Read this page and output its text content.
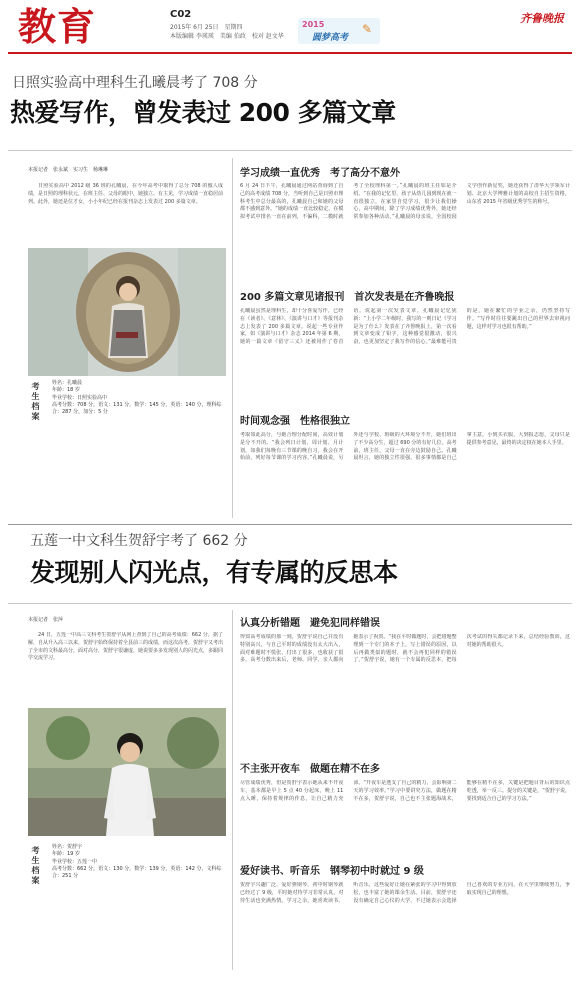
教育	C02
2015年 6月 25日　星期四
本版编辑 李瑛瑛　美编 伯政　校对 赵文华
2015
圆梦高考
✎
齐鲁晚报
日照实验高中理科生孔曦晨考了 708 分
热爱写作，曾发表过 200 多篇文章
本报记者　张永斌　实习生　杨琳琳
日照实验高中 2012 级 36 班的孔曦晨，在今年高考中取得了总分 708 的傲人成绩，是日照的理科状元，在班主任、父母的眼中，她独立、有主见，学习成绩一直稳居前列。此外，她还是位才女，小小年纪已经在报刊杂志上发表过 200 多篇文章。
考生档案 姓名：孔曦晨
年龄：18 岁
毕业学校：日照实验高中
高考分数：708 分，语文：131 分，数学：145 分，英语：140 分，理科综合：287 分，加分：5 分
学习成绩一直优秀　考了高分不意外
6 月 24 日下午，孔曦晨通过网站查询到了自己的高考成绩 708 分，当听到自己是日照市理科考生中总分最高的，孔曦晨自己和她的父母都不感到意外。“她的成绩一直比较稳定，在模拟考试中排名一直在前列，不偏科，二模时就考了全校理科第一。”孔曦晨的班主任如是介绍。“在我的记忆里，孩子从幼儿园到现在就一直很独立，在家里自觉学习，很少让我们操心，高中期间，除了学习成绩优秀外，她还经常参加各种活动。”孔曦晨的母亲说。全国校园文学创作新星奖，她还获得了清华大学领军计划、北京大学博雅计划的高校自主招生资格，山东省 2015 年省级优秀学生的称号。
200 多篇文章见诸报刊　首次发表是在齐鲁晚报
孔曦晨虽然是理科生，却十分喜爱写作，已经在《读者》、《意林》、《演讲与口才》等报刊杂志上发表了 200 多篇文章。说起一些专业作家，如《演讲与口才》杂志 2014 年第 6 期，她的一篇文章《留守三义》还被用作了卷首语。说起第一次发表文章，孔曦晨记忆犹新：“上小学二年级时，我写的一则日记《学习是为了什么》发表在了齐鲁晚报上，第一次看到文章变成了铅字，这种感觉很激动，很兴奋，也更加坚定了我写作的信心。”最难能可贵的是，她在繁忙的学业之余，仍然坚持写作。“写作时往往要跳出自己的世界去审视问题，这样对学习也很有帮助。”
时间观念强　性格很独立
考取如此高分，与她合理分配时间，高效计划是分不开的。“我会列日计划、周计划、月计划，如我们每晚有三节课的晚自习，我会在开始前，列好每节课的学习内容。”孔曦晨说，另外还与学校、班级的大环境分不开，她们班出了不少高分生，超过 690 分的有好几位。高考前，班主任、父母一直在旁边鼓励自己。孔曦晨坦言，她的独立性很强，很多事情都是自己拿主意，小到买衣服，大到报志愿，父母只是提供参考意见，最终的决定权在她本人手里。
五莲一中文科生贺舒宇考了 662 分
发现别人闪光点，有专属的反思本
本报记者　张萍
24 日，五莲一中高三文科考生贺舒宇从网上查到了自己的高考成绩：662 分，据了解，自从升入高三以来，贺舒宇始终保持着全县前三的成绩，而这次高考，贺舒宇又考出了全市的文科最高分，面对高分，贺舒宇很谦虚，她说要多多发现别人的闪光点，多跟同学交流学习。
考生档案 姓名：贺舒宇
年龄：19 岁
毕业学校：五莲一中
高考分数：662 分，语文：130 分，数学：139 分，英语：142 分，文科综合：251 分
认真分析错题　避免犯同样错误
得知高考成绩的那一刻，贺舒宇说自己并没有特别高兴，与自己平时的成绩没有太大出入，面对难题时不慌张，付出了很多，也收获了很多。高考分数出来后，老师、同学、亲人都向她表示了祝贺。“我在平时做题时，会把错题整理到一个专门的本子上，写上错误的原因，以后再做类似的题时，就不会再犯同样的错误了。”贺舒宇说，她有一个专属的反思本，把每次考试的得失都记录下来，总结经验教训，这对她的帮助很大。
不主张开夜车　做题在精不在多
尽管成绩优秀，但是贺舒宇表示她从来不开夜车，基本都是早上 5 点 40 分起床，晚上 11 点入睡，保持着规律的作息，让自己精力充沛。“开夜车是透支了自己的精力，会影响第二天的学习效率。”学习中要讲究方法，做题在精不在多，贺舒宇说，自己也不主张题海战术，能够在精不在多，关键是把题目背后的知识点吃透，举一反三。提分的关键是，“贺舒宇说，要找到适合自己的学习方法。”
爱好读书、听音乐　钢琴初中时就过 9 级
贺舒宇兴趣广泛，爱好弹钢琴，初中时钢琴就已经过了 9 级，平时她对待学习非常认真，对待生活也充满热情。学习之余，她喜欢读书、听音乐，这些爱好让她在紧张的学习中得到放松，也丰富了她的课余生活。目前，贺舒宇还没有确定自己心仪的大学，不过她表示会选择自己喜欢的专业方向，在大学里继续努力，争取实现自己的理想。
